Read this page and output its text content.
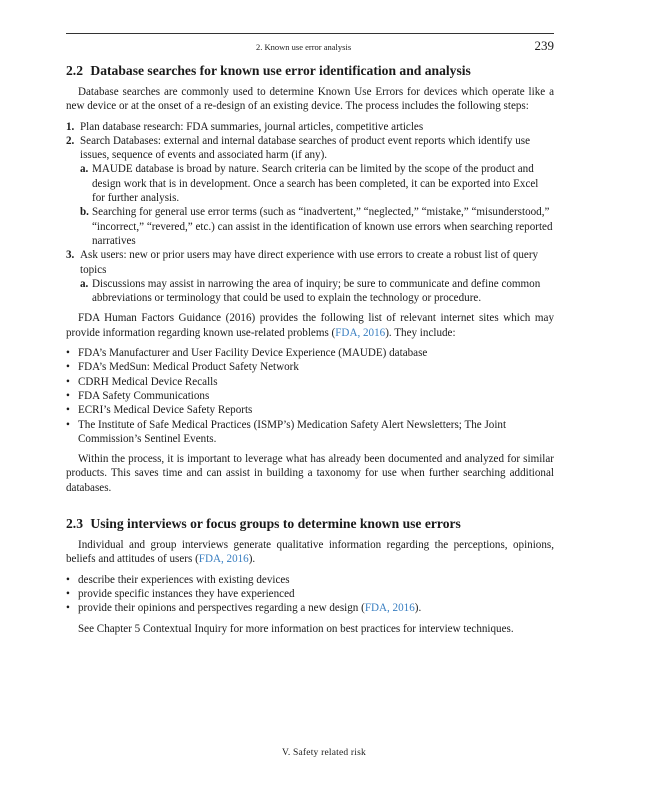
2. Known use error analysis	239
2.2 Database searches for known use error identification and analysis

Database searches are commonly used to determine Known Use Errors for devices which operate like a new device or at the onset of a re-design of an existing device. The process includes the following steps:

1. Plan database research: FDA summaries, journal articles, competitive articles
2. Search Databases: external and internal database searches of product event reports which identify use issues, sequence of events and associated harm (if any).
a. MAUDE database is broad by nature. Search criteria can be limited by the scope of the product and design work that is in development. Once a search has been completed, it can be exported into Excel for further analysis.
b. Searching for general use error terms (such as “inadvertent,” “neglected,” “mistake,” “misunderstood,” “incorrect,” “revered,” etc.) can assist in the identification of known use errors when searching reported narratives
3. Ask users: new or prior users may have direct experience with use errors to create a robust list of query topics
a. Discussions may assist in narrowing the area of inquiry; be sure to communicate and define common abbreviations or terminology that could be used to explain the technology or procedure.

FDA Human Factors Guidance (2016) provides the following list of relevant internet sites which may provide information regarding known use-related problems (FDA, 2016). They include:

• FDA’s Manufacturer and User Facility Device Experience (MAUDE) database
• FDA’s MedSun: Medical Product Safety Network
• CDRH Medical Device Recalls
• FDA Safety Communications
• ECRI’s Medical Device Safety Reports
• The Institute of Safe Medical Practices (ISMP’s) Medication Safety Alert Newsletters; The Joint Commission’s Sentinel Events.

Within the process, it is important to leverage what has already been documented and analyzed for similar products. This saves time and can assist in building a taxonomy for use when further searching additional databases.

2.3 Using interviews or focus groups to determine known use errors

Individual and group interviews generate qualitative information regarding the perceptions, opinions, beliefs and attitudes of users (FDA, 2016).

• describe their experiences with existing devices
• provide specific instances they have experienced
• provide their opinions and perspectives regarding a new design (FDA, 2016).

See Chapter 5 Contextual Inquiry for more information on best practices for interview techniques.

V. Safety related risk
